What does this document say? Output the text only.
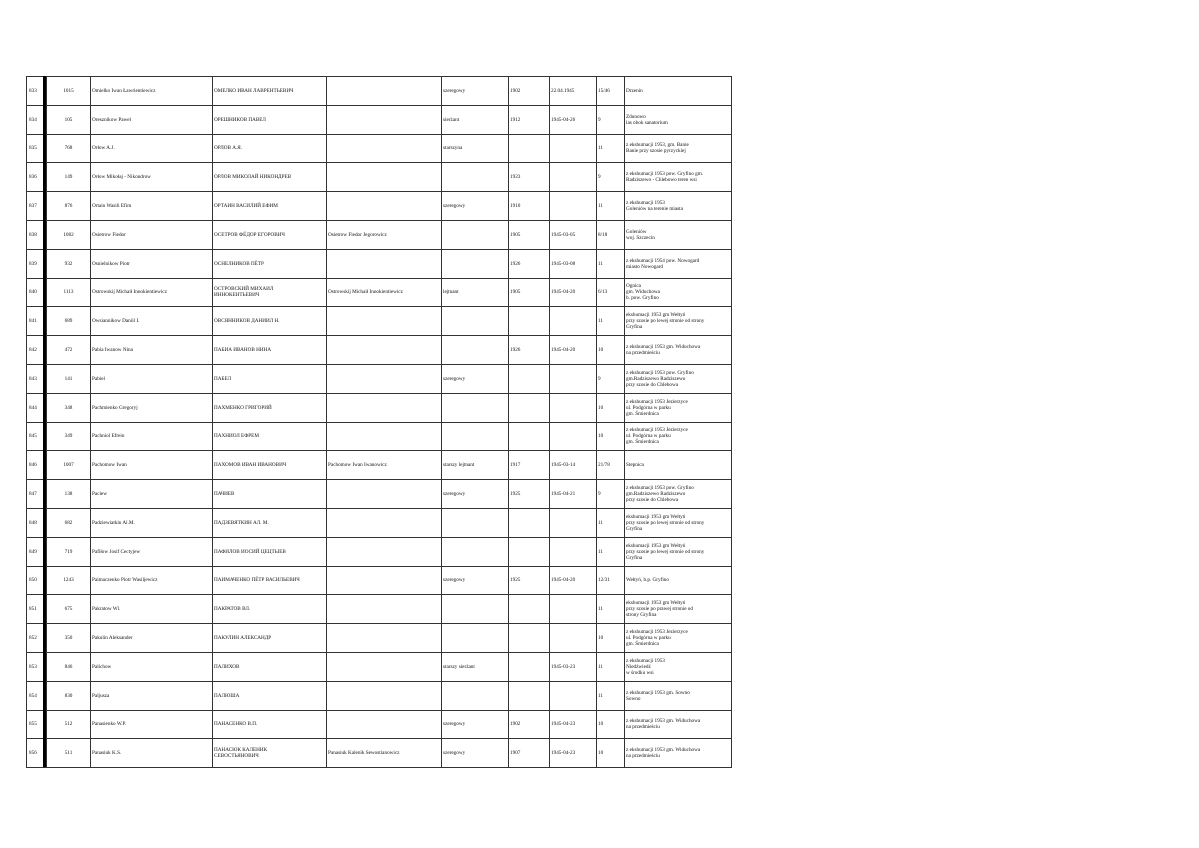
833	1015	Omielko Iwan Ławrientiewicz	ОМЕЛКО ИВАН ЛАВРЕНТЬЕВИЧ		szeregowy	1902	22.04.1945	15/46	Drzenin
834	105	Oresznikow Pawel	ОРЕШНИКОВ ПАВЕЛ		sierżant	1912	1945-04-26	9	Zdunowo
las obok sanatorium
835	768	Orłow A.J.	ОРЛОВ А.Я.		starszyna			11	z ekshumacji 1953, gm. Banie
Banie przy szosie pyrzyckiej
836	149	Orłow Mikołaj - Nikondrow	ОРЛОВ МИКОЛАЙ НИКОНДРЕВ			1923		9	z ekshumacji 1953 pow. Gryfino gm.
Radziszewo - Chlebowo teren wsi
837	876	Ortain Wasili Efim	ОРТАИН ВАСИЛИЙ ЕФИМ		szeregowy	1910		11	z ekshumacji 1953
Goleniów na terenie miasta
838	1082	Osietrow Fiedor	ОСЕТРОВ ФЁДОР ЕГОРОВИЧ	Osietrow Fiedor Jegorowicz		1905	1945-03-05	8/18	Goleniów
woj. Szczecin
839	932	Osnielnikow Piotr	ОСНЕЛНИКОВ ПЁТР			1926	1945-03-08	11	z ekshumacji 1954 pow. Nowogard
miasto Nowogard
840	1113	Ostrowskij Michaił Innokientiewicz	ОСТРОВСКИЙ МИХАИЛ
ИННОКЕНТЬЕВИЧ	Ostrowskij Michaił Innokientiewicz	lejtnant	1905	1945-04-20	6/13	Ognica
gm. Widuchowa
b. pow. Gryfino
841	689	Owsiannikow Daniil I.	ОВСЯННИКОВ ДАНИИЛ Н.					11	ekshumacji 1953 gm Wełtyń
przy szosie po lewej stronie od strony
Gryfina
842	472	Pabia Iwanow Nina	ПАБИА ИВАНОВ НИНА			1926	1945-04-20	10	z ekshumacji 1953 gm. Widuchowa
na przedmieściu
843	141	Pabiel	ПАБЕЛ		szeregowy			9	z ekshumacji 1953 pow. Gryfino
gm.Radziszewo Radziszewo
przy szosie do Chlebowa
844	348	Pachmienko Gregoryj	ПАХМЕНКО ГРИГОРИЙ					10	z ekshumacji 1953 Jezierzyce
ul. Podgórna w parku
gm. Śmierdnica
845	349	Pachniol Efrein	ПАХНИОЛ ЕФРЕМ					10	z ekshumacji 1953 Jezierzyce
ul. Podgórna w parku
gm. Śmierdnica
846	1007	Pachomow Iwan	ПАХОМОВ ИВАН ИВАНОВИЧ	Pachomow Iwan Iwanowicz	starszy lejtnant	1917	1945-03-14	21/78	Stepnica
847	138	Paciew	ПАЧИЕВ		szeregowy	1925	1945-04-21	9	z ekshumacji 1953 pow. Gryfino
gm.Radziszewo Radziszewo
przy szosie do Chlebowa
848	682	Padziewiatkin Al.M.	ПАДЗЕВЯТКИН АЛ. М.					11	ekshumacji 1953 gm Wełtyń
przy szosie po lewej stronie od strony
Gryfina
849	719	Pafiłow Josif Cectyjew	ПАФИЛОВ ИОСИЙ ЦЕЦТЫЕВ					11	ekshumacji 1953 gm Wełtyń
przy szosie po lewej stronie od strony
Gryfina
850	1243	Paimaczenko Piotr Wasiljewicz	ПАИМАЧЕНКО ПЁТР ВАСИЛЬЕВИЧ		szeregowy	1925	1945-04-20	12/31	Wełtyń, b.p. Gryfino
851	675	Pakratow Wl.	ПАКРАТОВ ВЛ.					11	ekshumacji 1953 gm Wełtyń
przy szosie po prawej stronie od
strony Gryfina
852	350	Pakulin Aleksander	ПАКУЛИН АЛЕКСАНДР					10	z ekshumacji 1953 Jezierzyce
ul. Podgórna w parku
gm. Śmierdnica
853	846	Palichow	ПАЛИХОВ		starszy sierżant		1945-03-23	11	z ekshumacji 1953
Niedźwiedź
w środku wsi
854	830	Paljusza	ПАЛЮША					11	z ekshumacji 1953 gm. Sowno
Sowno
855	512	Panasienko W.P.	ПАНАСЕНКО В.П.		szeregowy	1902	1945-04-23	10	z ekshumacji 1953 gm. Widuchowa
na przedmieściu
856	511	Panasiuk K.S.	ПАНАСЮК КАЛЕНИК
СЕВОСТЬЯНОВИЧ	Panasiuk Kalenik Sewostianowicz	szeregowy	1907	1945-04-23	10	z ekshumacji 1953 gm. Widuchowa
na przedmieściu
